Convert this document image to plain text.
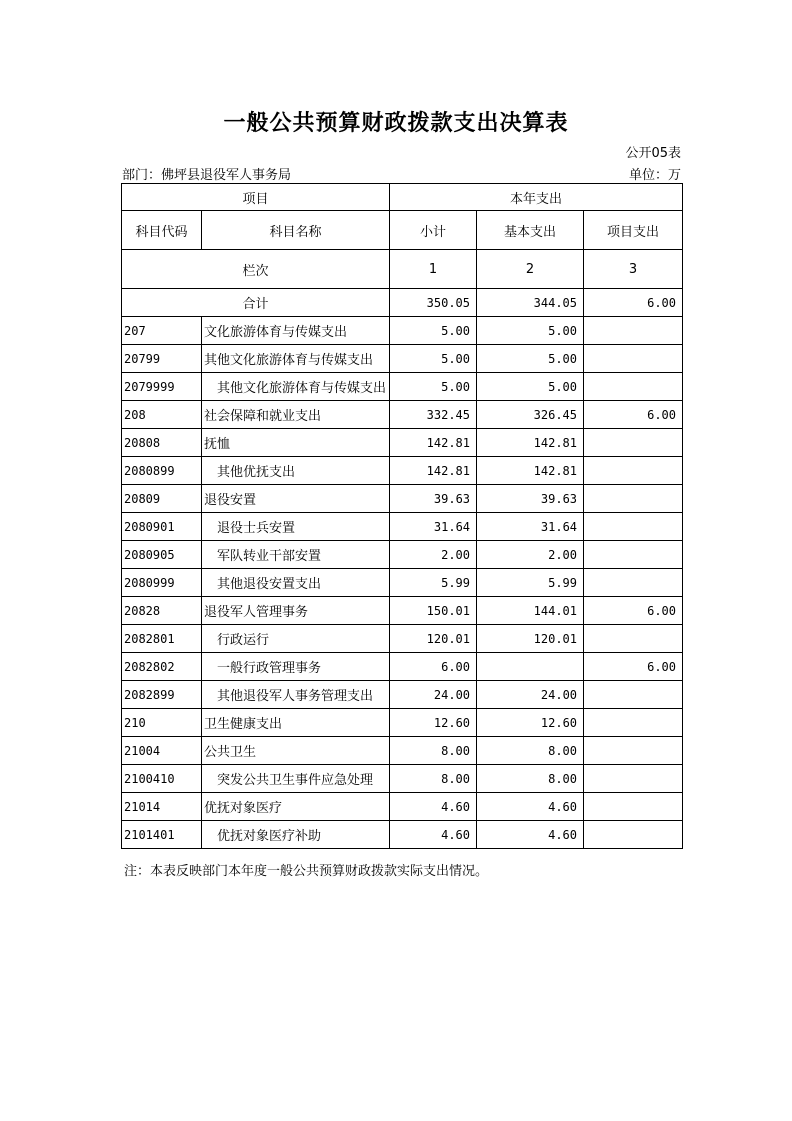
一般公共预算财政拨款支出决算表
公开05表
部门：佛坪县退役军人事务局	单位：万
项目		本年支出		
科目代码	科目名称	小计	基本支出	项目支出
栏次		1	2	3
合计		350.05	344.05	6.00
207	文化旅游体育与传媒支出	5.00	5.00	
20799	其他文化旅游体育与传媒支出	5.00	5.00	
2079999	其他文化旅游体育与传媒支出	5.00	5.00	
208	社会保障和就业支出	332.45	326.45	6.00
20808	抚恤	142.81	142.81	
2080899	其他优抚支出	142.81	142.81	
20809	退役安置	39.63	39.63	
2080901	退役士兵安置	31.64	31.64	
2080905	军队转业干部安置	2.00	2.00	
2080999	其他退役安置支出	5.99	5.99	
20828	退役军人管理事务	150.01	144.01	6.00
2082801	行政运行	120.01	120.01	
2082802	一般行政管理事务	6.00		6.00
2082899	其他退役军人事务管理支出	24.00	24.00	
210	卫生健康支出	12.60	12.60	
21004	公共卫生	8.00	8.00	
2100410	突发公共卫生事件应急处理	8.00	8.00	
21014	优抚对象医疗	4.60	4.60	
2101401	优抚对象医疗补助	4.60	4.60	
注：本表反映部门本年度一般公共预算财政拨款实际支出情况。
